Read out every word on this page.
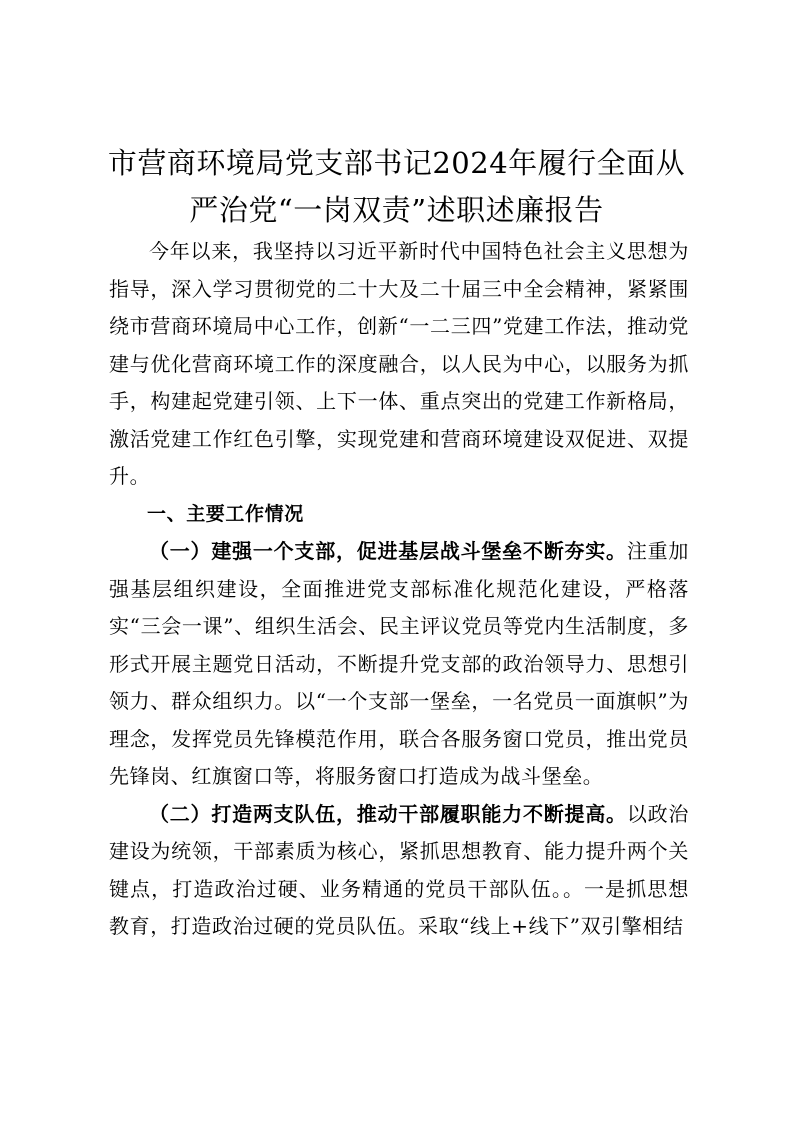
市营商环境局党支部书记2024年履行全面从
严治党“一岗双责”述职述廉报告

今年以来，我坚持以习近平新时代中国特色社会主义思想为指导，深入学习贯彻党的二十大及二十届三中全会精神，紧紧围绕市营商环境局中心工作，创新“一二三四”党建工作法，推动党建与优化营商环境工作的深度融合，以人民为中心，以服务为抓手，构建起党建引领、上下一体、重点突出的党建工作新格局，激活党建工作红色引擎，实现党建和营商环境建设双促进、双提升。

一、主要工作情况

（一）建强一个支部，促进基层战斗堡垒不断夯实。注重加强基层组织建设，全面推进党支部标准化规范化建设，严格落实“三会一课”、组织生活会、民主评议党员等党内生活制度，多形式开展主题党日活动，不断提升党支部的政治领导力、思想引领力、群众组织力。以“一个支部一堡垒，一名党员一面旗帜”为理念，发挥党员先锋模范作用，联合各服务窗口党员，推出党员先锋岗、红旗窗口等，将服务窗口打造成为战斗堡垒。

（二）打造两支队伍，推动干部履职能力不断提高。以政治建设为统领，干部素质为核心，紧抓思想教育、能力提升两个关键点，打造政治过硬、业务精通的党员干部队伍。。一是抓思想教育，打造政治过硬的党员队伍。采取“线上+线下”双引擎相结
